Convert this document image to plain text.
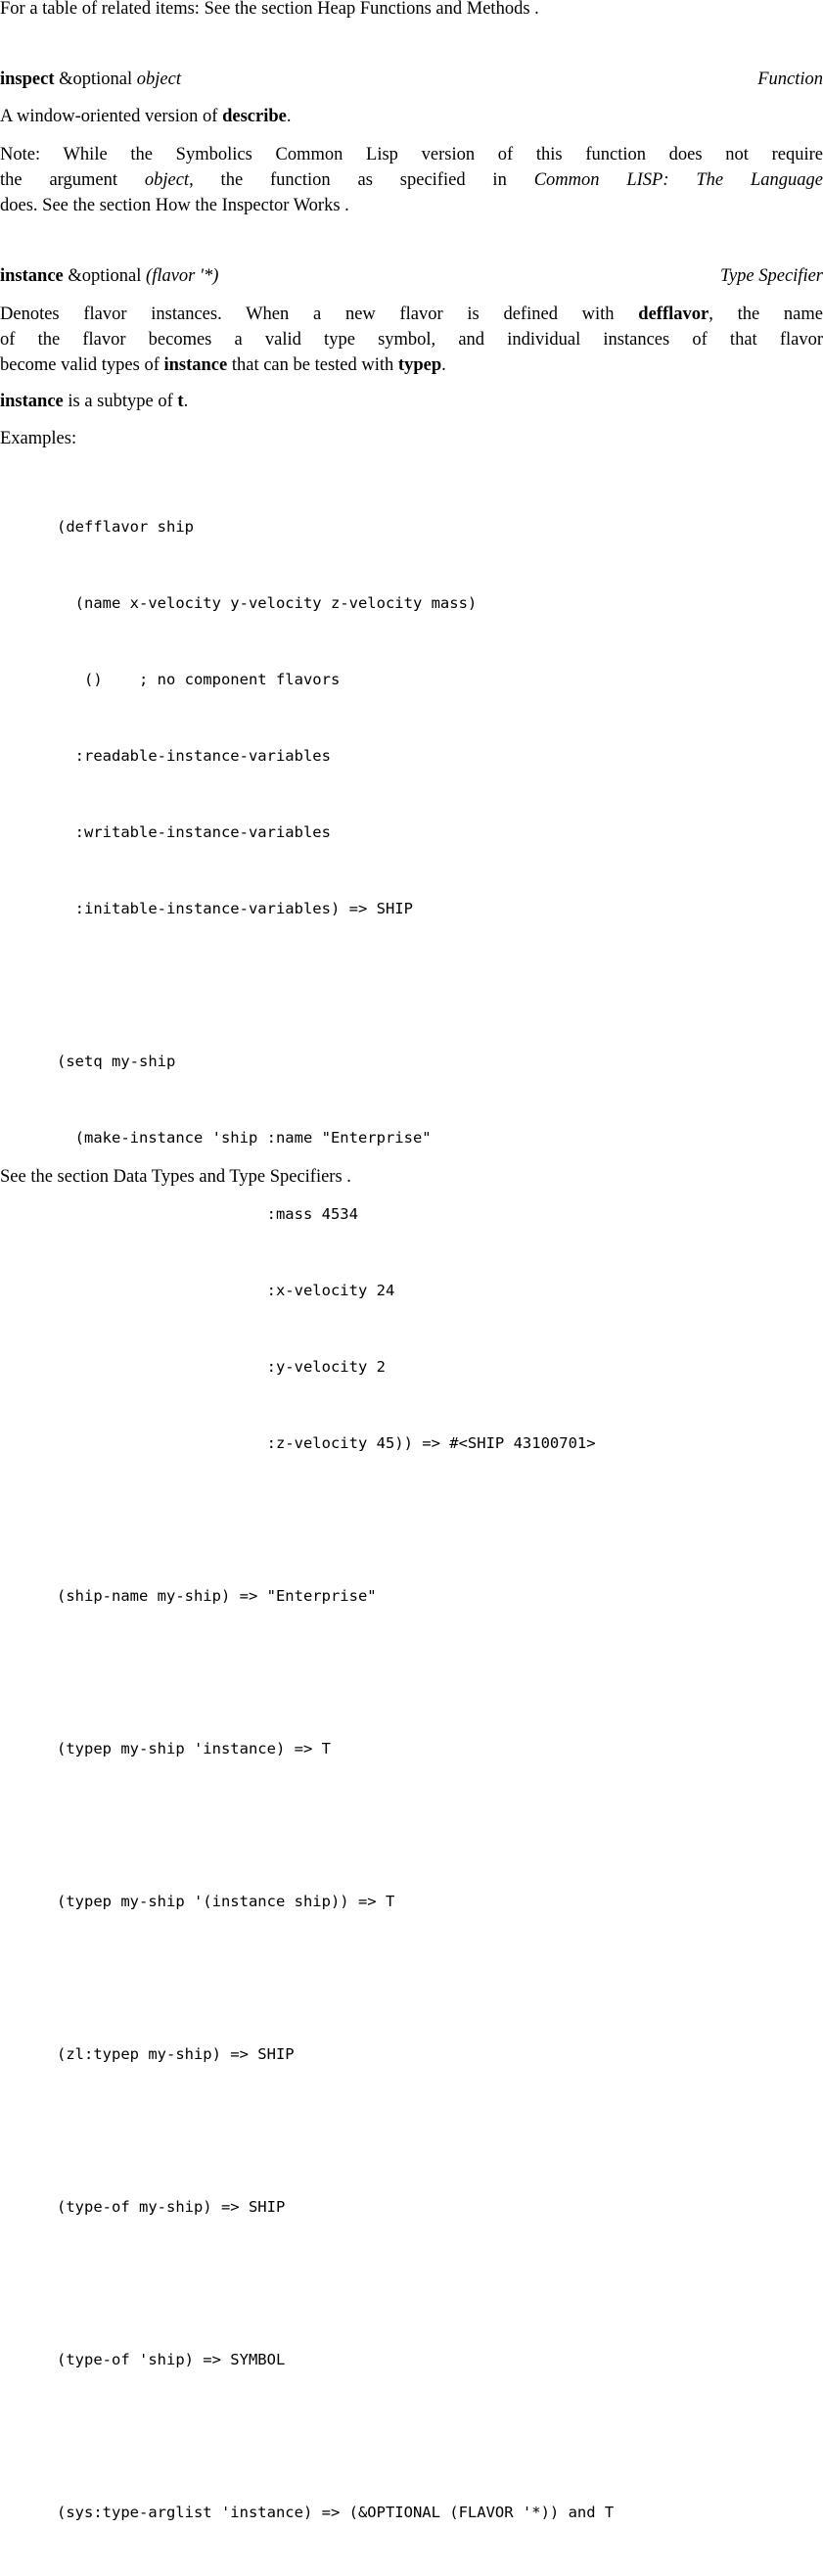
For a table of related items: See the section Heap Functions and Methods .
inspect &optional object	Function
A window-oriented version of describe.
Note: While the Symbolics Common Lisp version of this function does not require
the argument object, the function as specified in Common LISP: The Language
does. See the section How the Inspector Works .
instance &optional (flavor '*)	Type Specifier
Denotes flavor instances. When a new flavor is defined with defflavor, the name
of the flavor becomes a valid type symbol, and individual instances of that flavor
become valid types of instance that can be tested with typep.
instance is a subtype of t.
Examples:

(defflavor ship

(name x-velocity y-velocity z-velocity mass)

()    ; no component flavors

:readable-instance-variables

:writable-instance-variables

:initable-instance-variables) => SHIP

(setq my-ship

(make-instance 'ship :name "Enterprise"

:mass 4534

:x-velocity 24

:y-velocity 2

:z-velocity 45)) => #<SHIP 43100701>

(ship-name my-ship) => "Enterprise"

(typep my-ship 'instance) => T

(typep my-ship '(instance ship)) => T

(zl:typep my-ship) => SHIP

(type-of my-ship) => SHIP

(type-of 'ship) => SYMBOL

(sys:type-arglist 'instance) => (&OPTIONAL (FLAVOR '*)) and T

See the section Data Types and Type Specifiers .
